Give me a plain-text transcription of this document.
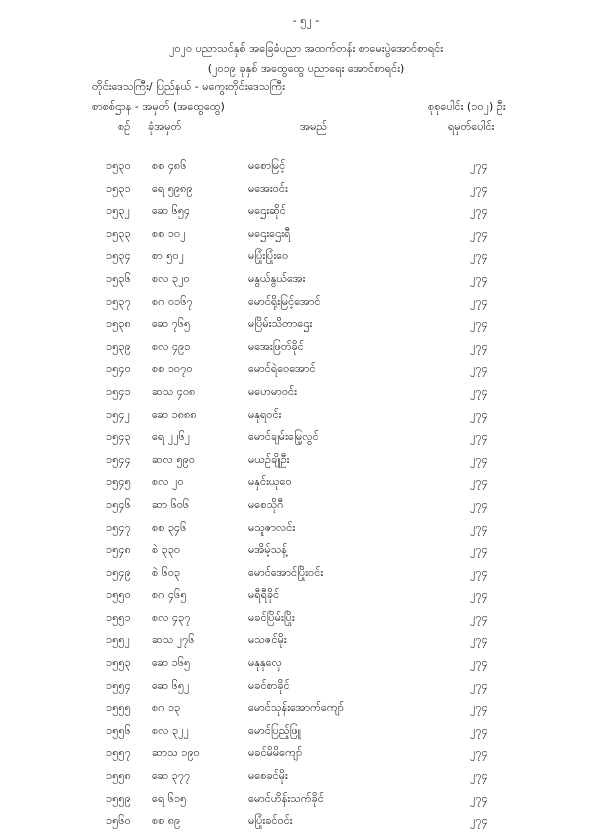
- ၅၂ -
၂၀၂၀ ပညာသင်နှစ် အခြေခံပညာ အထက်တန်း စာမေးပွဲအောင်စာရင်း
(၂၀၁၉ ခုနှစ် အထွေထွေ ပညာရေး အောင်စာရင်း)
တိုင်းဒေသကြီး/ ပြည်နယ် - မကွေးတိုင်းဒေသကြီး
စာစစ်ဌာန - အမှတ် (အထွေထွေ)	စုစုပေါင်း (၁၀၂) ဦး
စဉ် ခုံအမှတ်	အမည်	ရမှတ်ပေါင်း
၁၅၃၀ စစ ၄၈၆	မစောမြင့်	၂၇၄
၁၅၃၁ ရေ ၅၉၈၉	မအေးဝင်း	၂၇၄
၁၅၃၂ ဆေ ၆၅၄	မဌေးဆိုင်	၂၇၄
၁၅၃၃ စစ ၁၀၂	မဌေးဌေးရီ	၂၇၄
၁၅၃၄ စာ ၅၀၂	မပြုံးပြုံးဝေ	၂၇၄
၁၅၃၆ စလ ၃၂၀	မနွယ်နွယ်အေး	၂၇၄
၁၅၃၇ စဂ ၀၁၆၇	မောင်ရိုးမြင့်အောင်	၂၇၄
၁၅၃၈ ဆေ ၇၆၅	မပြိမ်းသိတာဌေး	၂၇၄
၁၅၃၉ စလ ၄၉၁	မအေးဖြတ်ခိုင်	၂၇၄
၁၅၄၀ စစ ၁၀၇၀	မောင်ရဲဝေအောင်	၂၇၄
၁၅၄၁ ဆသ ၄၀၈	မဟေမာဝင်း	၂၇၄
၁၅၄၂ ဆေ ၁၈၈၈	မနုရဝင်း	၂၇၄
၁၅၄၃ ရေ ၂၂၆၂	မောင်ချမ်းမြေ့လွင်	၂၇၄
၁၅၄၄ ဆလ ၅၉၀	မယဉ်ချိုဦး	၂၇၄
၁၅၄၅ စလ ၂၀	မနှင်းယုဝေ	၂၇၄
၁၅၄၆ ဆာ ၆၀၆	မစေသိုဂီ	၂၇၄
၁၅၄၇ စစ ၃၄၆	မသူဇာလင်း	၂၇၄
၁၅၄၈ စဲ ၃၃၀	မအိမ့်သန့်	၂၇၄
၁၅၄၉ စဲ ၆၀၃	မောင်အောင်ပြိုးဝင်း	၂၇၄
၁၅၅၀ စဂ ၄၆၅	မရီရီခိုင်	၂၇၄
၁၅၅၁ စလ ၄၃၇	မခင်ပြိမ်းပြိုး	၂၇၄
၁၅၅၂ ဆသ ၂၇၆	မသဇင်မိုး	၂၇၄
၁၅၅၃ ဆေ ၁၆၅	မနုနုလှေ	၂၇၄
၁၅၅၄ ဆေ ၆၅၂	မခင်စာခိုင်	၂၇၄
၁၅၅၅ စဂ ၁၃	မောင်သုန်းအောက်ကျော်	၂၇၄
၁၅၅၆ စလ ၃၂၂	မောင်ပြည့်ဖြူ	၂၇၄
၁၅၅၇ ဆာသ ၁၉၀	မခင်မိမိကျော်	၂၇၄
၁၅၅၈ ဆေ ၃၇၇	မစေခင်မိုး	၂၇၄
၁၅၅၉ ရေ ၆၁၅	မောင်ဟိန်းသက်ခိုင်	၂၇၄
၁၅၆၀ စစ ၈၉	မပြုံးခင်ဝင်း	၂၇၄
